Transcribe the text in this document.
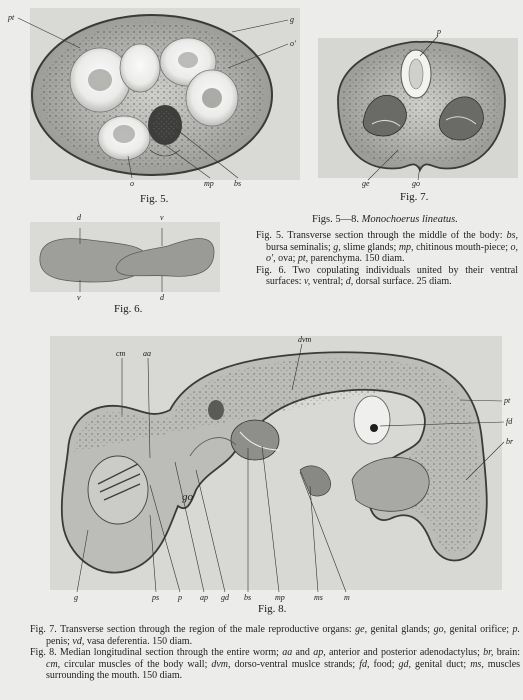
pt	g
o'
o	mp	bs
Fig. 5.
p
ge	go
Fig. 7.
d	v
v	d
Fig. 6.
cm aa
dvm
pt
fd
br
go
g	ps p ap gd bs	mp	ms	m
Fig. 8.
Figs. 5—8. Monochoerus lineatus.

Fig. 5. Transverse section through the middle of the body: bs, bursa seminalis; g, slime glands; mp, chitinous mouth-piece; o, o', ova; pt, parenchyma. 150 diam.

Fig. 6. Two copulating individuals united by their ventral surfaces: v, ventral; d, dorsal surface. 25 diam.

Fig. 7. Transverse section through the region of the male reproductive organs: ge, genital glands; go, genital orifice; p. penis; vd, vasa deferentia. 150 diam.

Fig. 8. Median longitudinal section through the entire worm; aa and ap, anterior and posterior adenodactylus; br, brain: cm, circular muscles of the body wall; dvm, dorso-ventral muslce strands; fd, food; gd, genital duct; ms, muscles surrounding the mouth. 150 diam.
